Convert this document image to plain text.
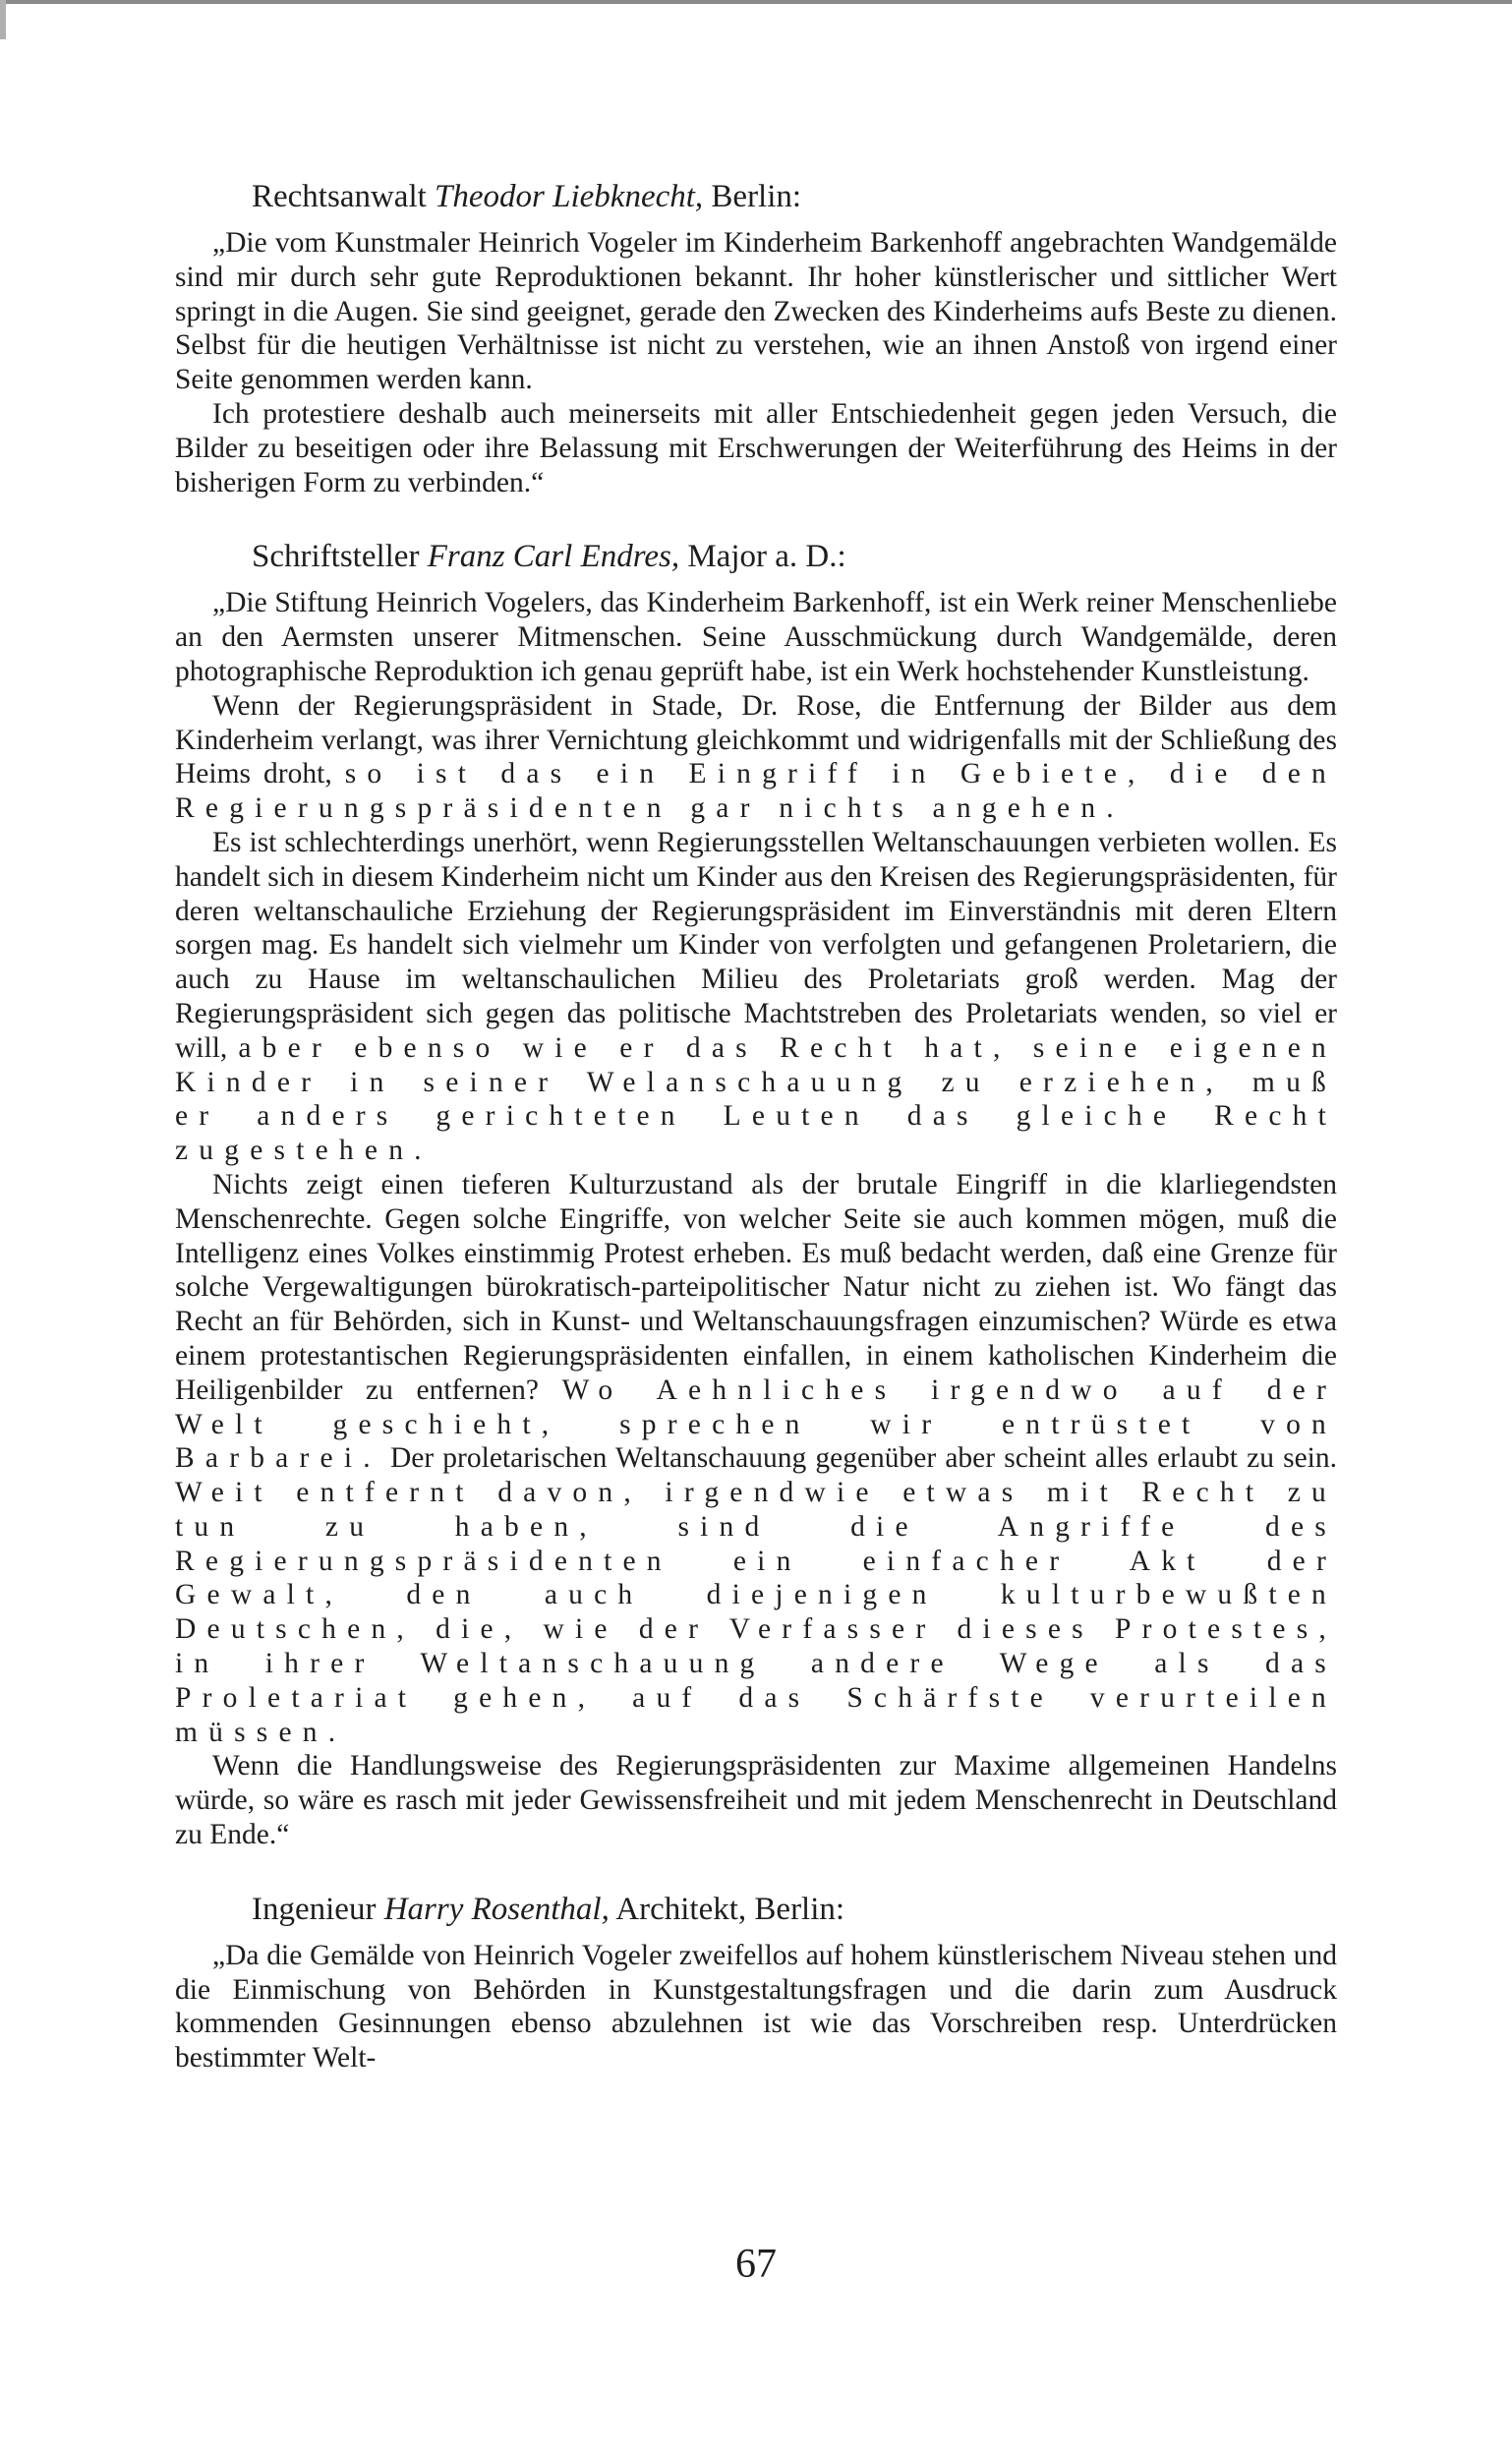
Rechtsanwalt Theodor Liebknecht, Berlin:

„Die vom Kunstmaler Heinrich Vogeler im Kinderheim Barkenhoff angebrachten Wandgemälde sind mir durch sehr gute Reproduktionen bekannt. Ihr hoher künstlerischer und sittlicher Wert springt in die Augen. Sie sind geeignet, gerade den Zwecken des Kinderheims aufs Beste zu dienen. Selbst für die heutigen Verhältnisse ist nicht zu verstehen, wie an ihnen Anstoß von irgend einer Seite genommen werden kann.

Ich protestiere deshalb auch meinerseits mit aller Entschiedenheit gegen jeden Versuch, die Bilder zu beseitigen oder ihre Belassung mit Erschwerungen der Weiterführung des Heims in der bisherigen Form zu verbinden.“

Schriftsteller Franz Carl Endres, Major a. D.:

„Die Stiftung Heinrich Vogelers, das Kinderheim Barkenhoff, ist ein Werk reiner Menschenliebe an den Aermsten unserer Mitmenschen. Seine Ausschmückung durch Wandgemälde, deren photographische Reproduktion ich genau geprüft habe, ist ein Werk hochstehender Kunstleistung.

Wenn der Regierungspräsident in Stade, Dr. Rose, die Entfernung der Bilder aus dem Kinderheim verlangt, was ihrer Vernichtung gleichkommt und widrigenfalls mit der Schließung des Heims droht, so ist das ein Eingriff in Gebiete, die den Regierungspräsidenten gar nichts angehen.

Es ist schlechterdings unerhört, wenn Regierungsstellen Weltanschauungen verbieten wollen. Es handelt sich in diesem Kinderheim nicht um Kinder aus den Kreisen des Regierungspräsidenten, für deren weltanschauliche Erziehung der Regierungspräsident im Einverständnis mit deren Eltern sorgen mag. Es handelt sich vielmehr um Kinder von verfolgten und gefangenen Proletariern, die auch zu Hause im weltanschaulichen Milieu des Proletariats groß werden. Mag der Regierungspräsident sich gegen das politische Machtstreben des Proletariats wenden, so viel er will, aber ebenso wie er das Recht hat, seine eigenen Kinder in seiner Welanschauung zu erziehen, muß er anders gerichteten Leuten das gleiche Recht zugestehen.

Nichts zeigt einen tieferen Kulturzustand als der brutale Eingriff in die klarliegendsten Menschenrechte. Gegen solche Eingriffe, von welcher Seite sie auch kommen mögen, muß die Intelligenz eines Volkes einstimmig Protest erheben. Es muß bedacht werden, daß eine Grenze für solche Vergewaltigungen bürokratisch-parteipolitischer Natur nicht zu ziehen ist. Wo fängt das Recht an für Behörden, sich in Kunst- und Weltanschauungsfragen einzumischen? Würde es etwa einem protestantischen Regierungspräsidenten einfallen, in einem katholischen Kinderheim die Heiligenbilder zu entfernen? Wo Aehnliches irgendwo auf der Welt geschieht, sprechen wir entrüstet von Barbarei. Der proletarischen Weltanschauung gegenüber aber scheint alles erlaubt zu sein. Weit entfernt davon, irgendwie etwas mit Recht zu tun zu haben, sind die Angriffe des Regierungspräsidenten ein einfacher Akt der Gewalt, den auch diejenigen kulturbewußten Deutschen, die, wie der Verfasser dieses Protestes, in ihrer Weltanschauung andere Wege als das Proletariat gehen, auf das Schärfste verurteilen müssen.

Wenn die Handlungsweise des Regierungspräsidenten zur Maxime allgemeinen Handelns würde, so wäre es rasch mit jeder Gewissensfreiheit und mit jedem Menschenrecht in Deutschland zu Ende.“

Ingenieur Harry Rosenthal, Architekt, Berlin:

„Da die Gemälde von Heinrich Vogeler zweifellos auf hohem künstlerischem Niveau stehen und die Einmischung von Behörden in Kunstgestaltungsfragen und die darin zum Ausdruck kommenden Gesinnungen ebenso abzulehnen ist wie das Vorschreiben resp. Unterdrücken bestimmter Welt-

67
